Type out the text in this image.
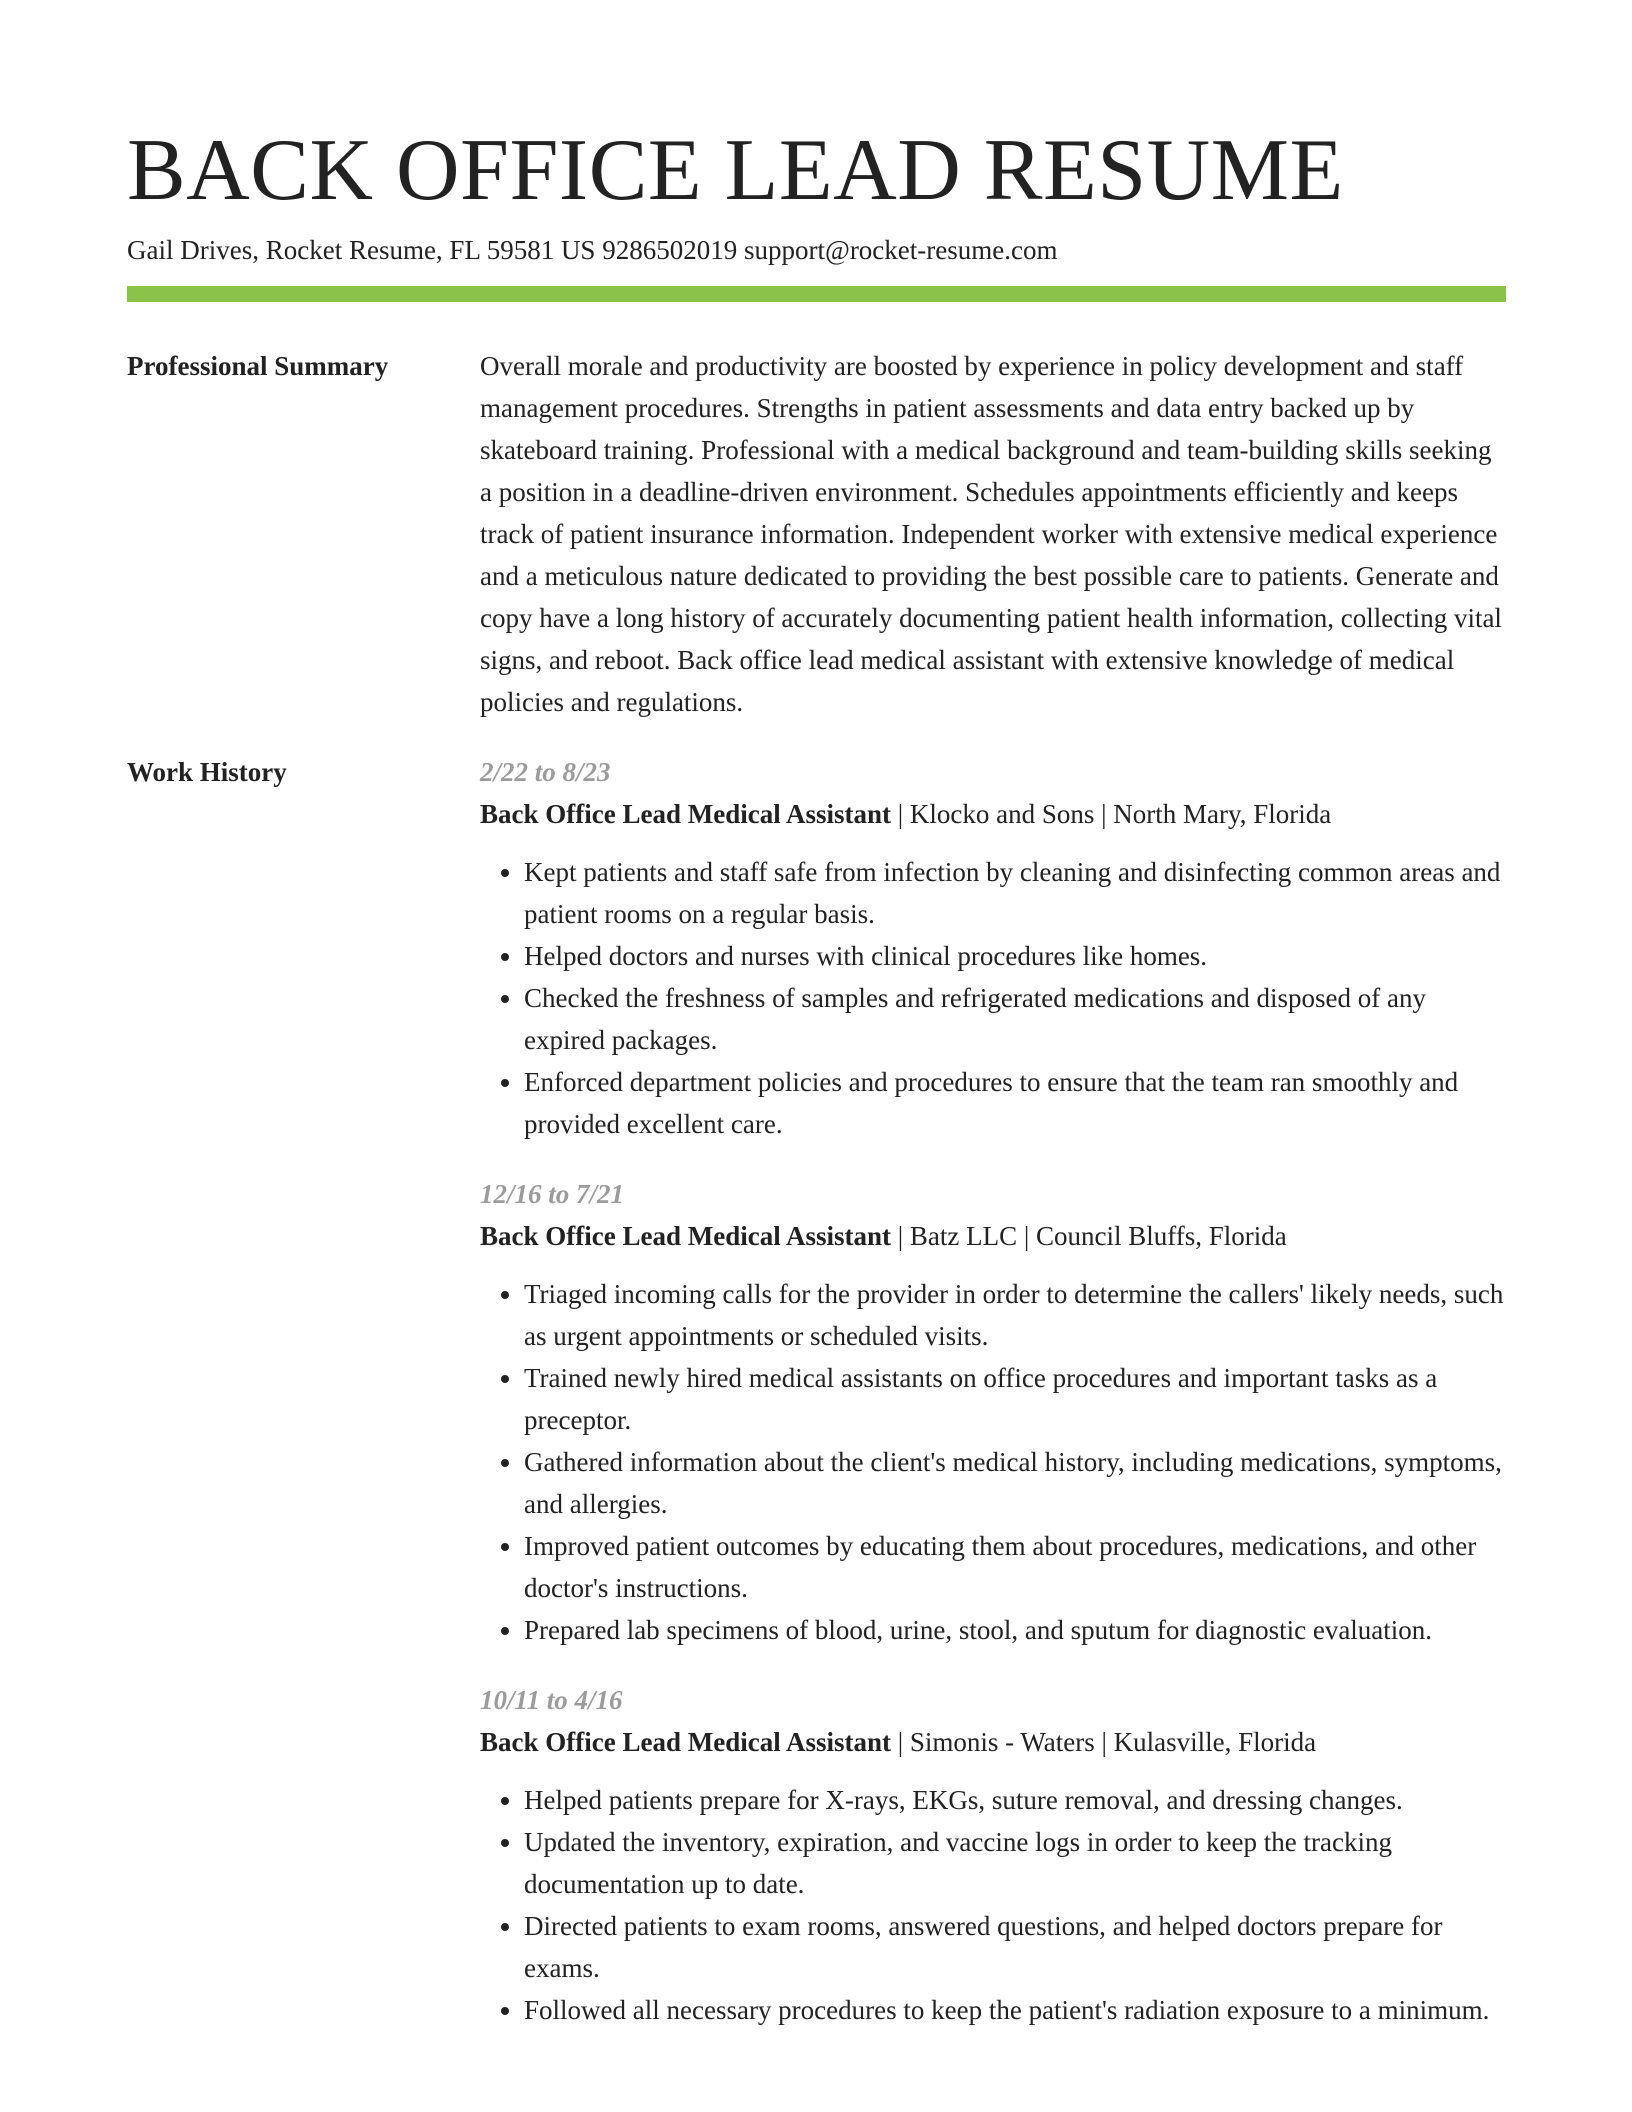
BACK OFFICE LEAD RESUME
Gail Drives, Rocket Resume, FL 59581 US 9286502019 support@rocket-resume.com
Professional Summary	Overall morale and productivity are boosted by experience in policy development and staff management procedures. Strengths in patient assessments and data entry backed up by skateboard training. Professional with a medical background and team-building skills seeking a position in a deadline-driven environment. Schedules appointments efficiently and keeps track of patient insurance information. Independent worker with extensive medical experience and a meticulous nature dedicated to providing the best possible care to patients. Generate and copy have a long history of accurately documenting patient health information, collecting vital signs, and reboot. Back office lead medical assistant with extensive knowledge of medical policies and regulations.

Work History	2/22 to 8/23
Back Office Lead Medical Assistant | Klocko and Sons | North Mary, Florida
• Kept patients and staff safe from infection by cleaning and disinfecting common areas and patient rooms on a regular basis.
• Helped doctors and nurses with clinical procedures like homes.
• Checked the freshness of samples and refrigerated medications and disposed of any expired packages.
• Enforced department policies and procedures to ensure that the team ran smoothly and provided excellent care.
12/16 to 7/21
Back Office Lead Medical Assistant | Batz LLC | Council Bluffs, Florida
• Triaged incoming calls for the provider in order to determine the callers' likely needs, such as urgent appointments or scheduled visits.
• Trained newly hired medical assistants on office procedures and important tasks as a preceptor.
• Gathered information about the client's medical history, including medications, symptoms, and allergies.
• Improved patient outcomes by educating them about procedures, medications, and other doctor's instructions.
• Prepared lab specimens of blood, urine, stool, and sputum for diagnostic evaluation.
10/11 to 4/16
Back Office Lead Medical Assistant | Simonis - Waters | Kulasville, Florida
• Helped patients prepare for X-rays, EKGs, suture removal, and dressing changes.
• Updated the inventory, expiration, and vaccine logs in order to keep the tracking documentation up to date.
• Directed patients to exam rooms, answered questions, and helped doctors prepare for exams.
• Followed all necessary procedures to keep the patient's radiation exposure to a minimum.
